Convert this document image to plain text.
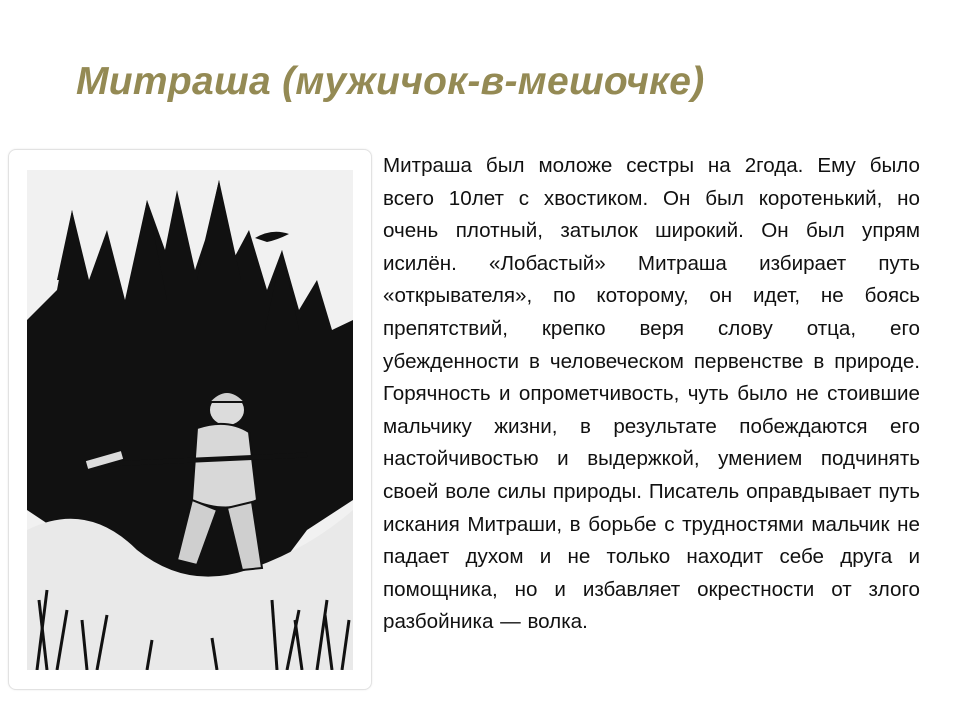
Митраша (мужичок-в-мешочке)

Митраша был моложе сестры на 2года. Ему было всего 10лет с хвостиком. Он был коротенький, но очень плотный, затылок широкий. Он был упрям исилён. «Лобастый» Митраша избирает путь «открывателя», по которому, он идет, не боясь препятствий, крепко веря слову отца, его убежденности в человеческом первенстве в природе. Горячность и опрометчивость, чуть было не стоившие мальчику жизни, в результате побеждаются его настойчивостью и выдержкой, умением подчинять своей воле силы природы. Писатель оправдывает путь искания Митраши, в борьбе с трудностями мальчик не падает духом и не только находит себе друга и помощника, но и избавляет окрестности от злого разбойника — волка.
